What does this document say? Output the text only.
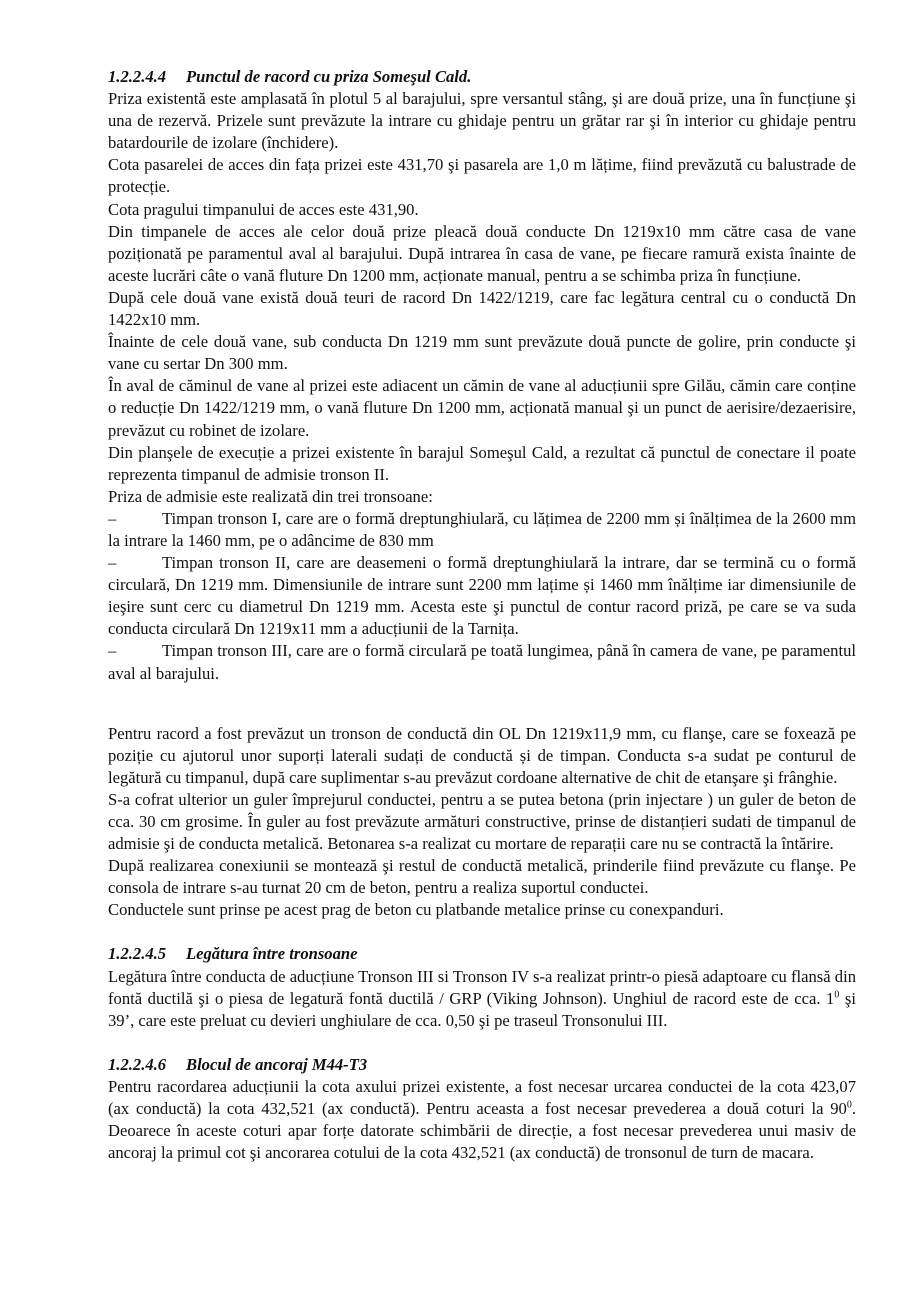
1.2.2.4.4 Punctul de racord cu priza Someşul Cald.

Priza existentă este amplasată în plotul 5 al barajului, spre versantul stâng, şi are două prize, una în funcțiune şi una de rezervă. Prizele sunt prevăzute la intrare cu ghidaje pentru un grătar rar şi în interior cu ghidaje pentru batardourile de izolare (închidere).

Cota pasarelei de acces din fața prizei este 431,70 şi pasarela are 1,0 m lățime, fiind prevăzută cu balustrade de protecție.

Cota pragului timpanului de acces este 431,90.

Din timpanele de acces ale celor două prize pleacă două conducte Dn 1219x10 mm către casa de vane poziționată pe paramentul aval al barajului. După intrarea în casa de vane, pe fiecare ramură exista înainte de aceste lucrări câte o vană fluture Dn 1200 mm, acționate manual, pentru a se schimba priza în funcțiune.

După cele două vane există două teuri de racord Dn 1422/1219, care fac legătura central cu o conductă Dn 1422x10 mm.

Înainte de cele două vane, sub conducta Dn 1219 mm sunt prevăzute două puncte de golire, prin conducte şi vane cu sertar Dn 300 mm.

În aval de căminul de vane al prizei este adiacent un cămin de vane al aducțiunii spre Gilău, cămin care conține o reducție Dn 1422/1219 mm, o vană fluture Dn 1200 mm, acționată manual şi un punct de aerisire/dezaerisire, prevăzut cu robinet de izolare.

Din planşele de execuție a prizei existente în barajul Someşul Cald, a rezultat că punctul de conectare il poate reprezenta timpanul de admisie tronson II.

Priza de admisie este realizată din trei tronsoane:

–	Timpan tronson I, care are o formă dreptunghiulară, cu lățimea de 2200 mm și înălțimea de la 2600 mm la intrare la 1460 mm, pe o adâncime de 830 mm
–	Timpan tronson II, care are deasemeni o formă dreptunghiulară la intrare, dar se termină cu o formă circulară, Dn 1219 mm. Dimensiunile de intrare sunt 2200 mm lațime și 1460 mm înălțime iar dimensiunile de ieşire sunt cerc cu diametrul Dn 1219 mm. Acesta este şi punctul de contur racord priză, pe care se va suda conducta circulară Dn 1219x11 mm a aducțiunii de la Tarnița.
–	Timpan tronson III, care are o formă circulară pe toată lungimea, până în camera de vane, pe paramentul aval al barajului.

Pentru racord a fost prevăzut un tronson de conductă din OL Dn 1219x11,9 mm, cu flanşe, care se foxează pe poziție cu ajutorul unor suporți laterali sudați de conductă și de timpan. Conducta s-a sudat pe conturul de legătură cu timpanul, după care suplimentar s-au prevăzut cordoane alternative de chit de etanşare şi frânghie.

S-a cofrat ulterior un guler împrejurul conductei, pentru a se putea betona (prin injectare ) un guler de beton de cca. 30 cm grosime. În guler au fost prevăzute armături constructive, prinse de distanțieri sudati de timpanul de admisie şi de conducta metalică. Betonarea s-a realizat cu mortare de reparații care nu se contractă la întărire.

După realizarea conexiunii se montează şi restul de conductă metalică, prinderile fiind prevăzute cu flanşe. Pe consola de intrare s-au turnat 20 cm de beton, pentru a realiza suportul conductei.

Conductele sunt prinse pe acest prag de beton cu platbande metalice prinse cu conexpanduri.

1.2.2.4.5 Legătura între tronsoane

Legătura între conducta de aducțiune Tronson III si Tronson IV s-a realizat printr-o piesă adaptoare cu flansă din fontă ductilă şi o piesa de legatură fontă ductilă / GRP (Viking Johnson). Unghiul de racord este de cca. $1^0$ şi 39’, care este preluat cu devieri unghiulare de cca. 0,50 şi pe traseul Tronsonului III.

1.2.2.4.6 Blocul de ancoraj M44-T3

Pentru racordarea aducțiunii la cota axului prizei existente, a fost necesar urcarea conductei de la cota 423,07 (ax conductă) la cota 432,521 (ax conductă). Pentru aceasta a fost necesar prevederea a două coturi la $90^0$. Deoarece în aceste coturi apar forțe datorate schimbării de direcție, a fost necesar prevederea unui masiv de ancoraj la primul cot şi ancorarea cotului de la cota 432,521 (ax conductă) de tronsonul de turn de macara.
